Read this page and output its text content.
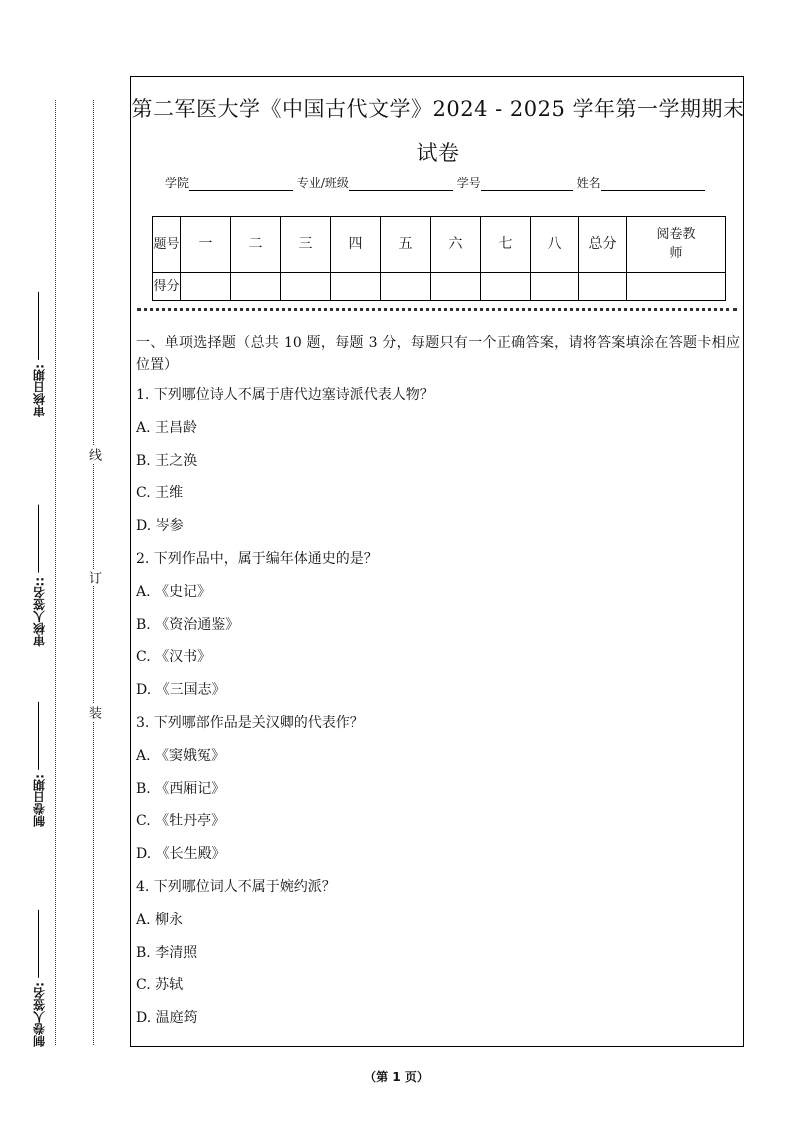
线
订
装
审核日期:
审核人签名::
制卷日期:
制卷人签名:
第二军医大学《中国古代文学》2024 - 2025 学年第一学期期末试卷
学院	专业/班级	学号	姓名
题号	一	二	三	四	五	六	七	八	总分	阅卷教师
得分										
一、单项选择题（总共 10 题，每题 3 分，每题只有一个正确答案，请将答案填涂在答题卡相应位置）
1. 下列哪位诗人不属于唐代边塞诗派代表人物？
A. 王昌龄
B. 王之涣
C. 王维
D. 岑参
2. 下列作品中，属于编年体通史的是？
A. 《史记》
B. 《资治通鉴》
C. 《汉书》
D. 《三国志》
3. 下列哪部作品是关汉卿的代表作？
A. 《窦娥冤》
B. 《西厢记》
C. 《牡丹亭》
D. 《长生殿》
4. 下列哪位词人不属于婉约派？
A. 柳永
B. 李清照
C. 苏轼
D. 温庭筠
（第 1 页）
